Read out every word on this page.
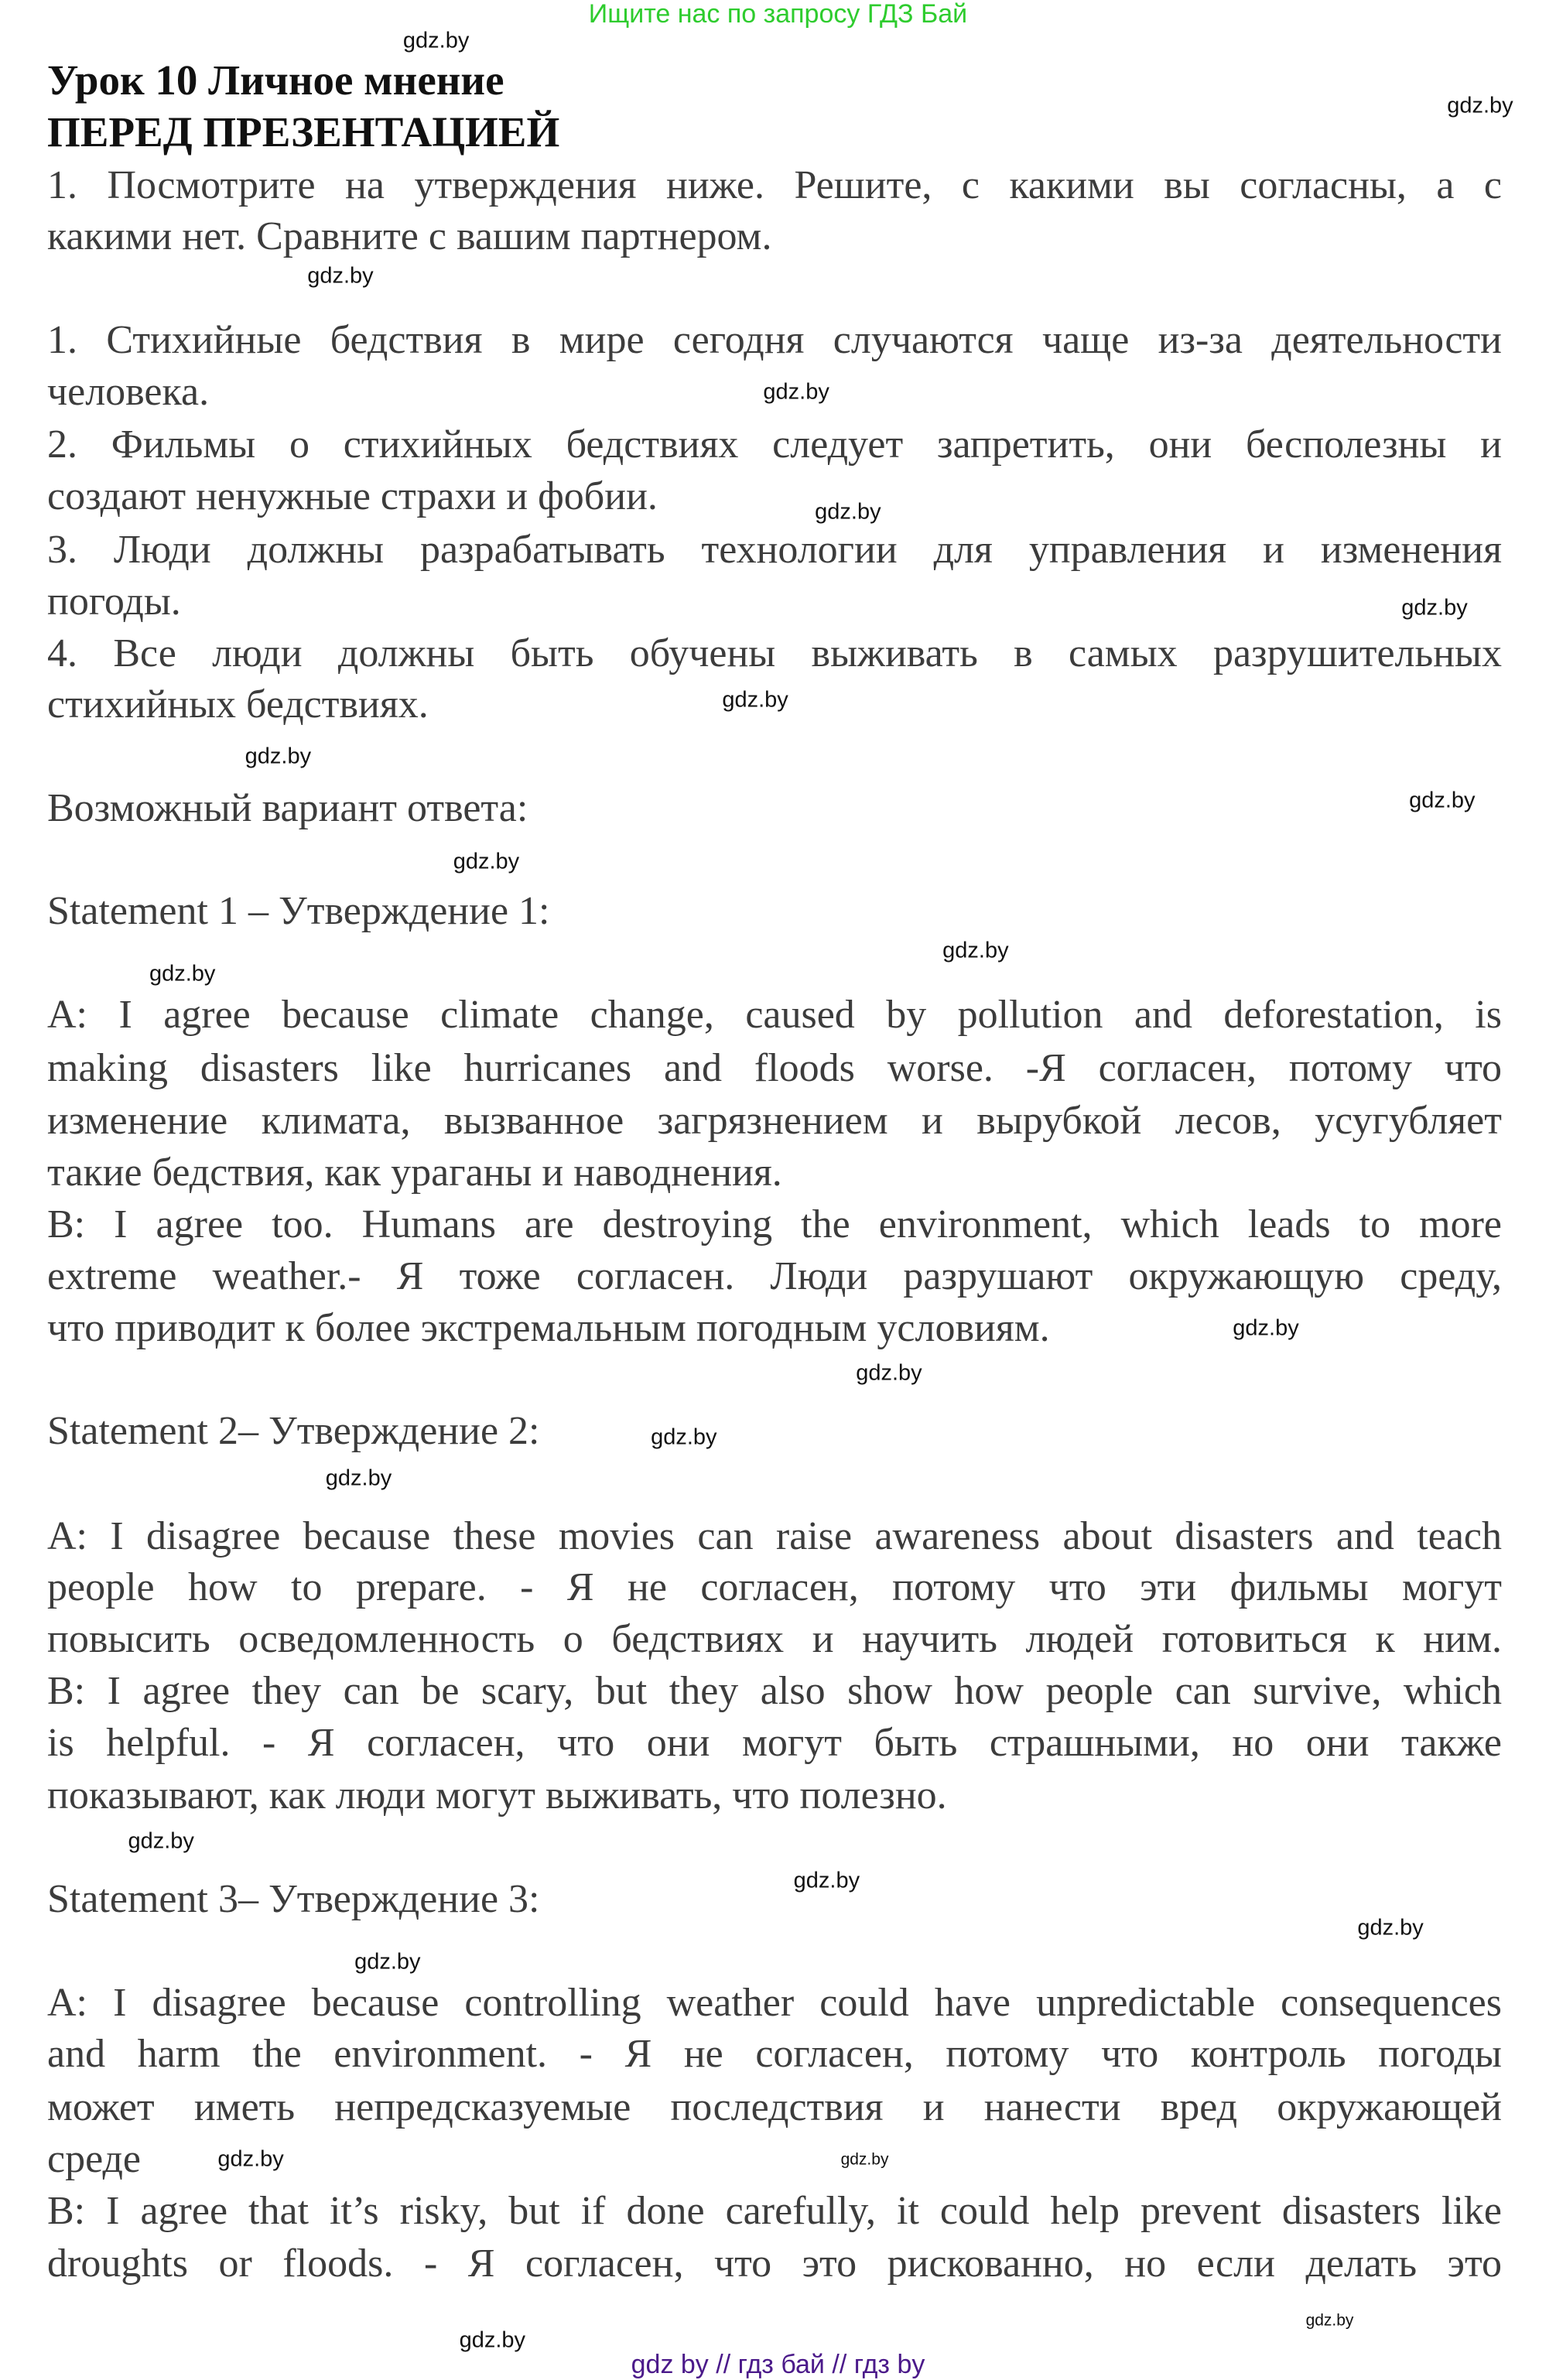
Ищите нас по запросу ГДЗ Бай
Урок 10 Личное мнение
ПЕРЕД ПРЕЗЕНТАЦИЕЙ
1. Посмотрите на утверждения ниже. Решите, с какими вы согласны, а с
какими нет. Сравните с вашим партнером.
1. Стихийные бедствия в мире сегодня случаются чаще из-за деятельности
человека.
2. Фильмы о стихийных бедствиях следует запретить, они бесполезны и
создают ненужные страхи и фобии.
3. Люди должны разрабатывать технологии для управления и изменения
погоды.
4. Все люди должны быть обучены выживать в самых разрушительных
стихийных бедствиях.
Возможный вариант ответа:
Statement 1 – Утверждение 1:
A: I agree because climate change, caused by pollution and deforestation, is
making disasters like hurricanes and floods worse. -Я согласен, потому что
изменение климата, вызванное загрязнением и вырубкой лесов, усугубляет
такие бедствия, как ураганы и наводнения.
B: I agree too. Humans are destroying the environment, which leads to more
extreme weather.- Я тоже согласен. Люди разрушают окружающую среду,
что приводит к более экстремальным погодным условиям.
Statement 2– Утверждение 2:
A: I disagree because these movies can raise awareness about disasters and teach
people how to prepare. - Я не согласен, потому что эти фильмы могут
повысить осведомленность о бедствиях и научить людей готовиться к ним.
B: I agree they can be scary, but they also show how people can survive, which
is helpful. - Я согласен, что они могут быть страшными, но они также
показывают, как люди могут выживать, что полезно.
Statement 3– Утверждение 3:
A: I disagree because controlling weather could have unpredictable consequences
and harm the environment. - Я не согласен, потому что контроль погоды
может иметь непредсказуемые последствия и нанести вред окружающей
среде
B: I agree that it’s risky, but if done carefully, it could help prevent disasters like
droughts or floods. - Я согласен, что это рискованно, но если делать это
gdz.by
gdz.by
gdz.by
gdz.by
gdz.by
gdz.by
gdz.by
gdz.by
gdz.by
gdz.by
gdz.by
gdz.by
gdz.by
gdz.by
gdz.by
gdz.by
gdz.by
gdz.by
gdz.by
gdz.by
gdz.by
gdz.by
gdz.by
gdz.by
gdz by // гдз бай // гдз by
